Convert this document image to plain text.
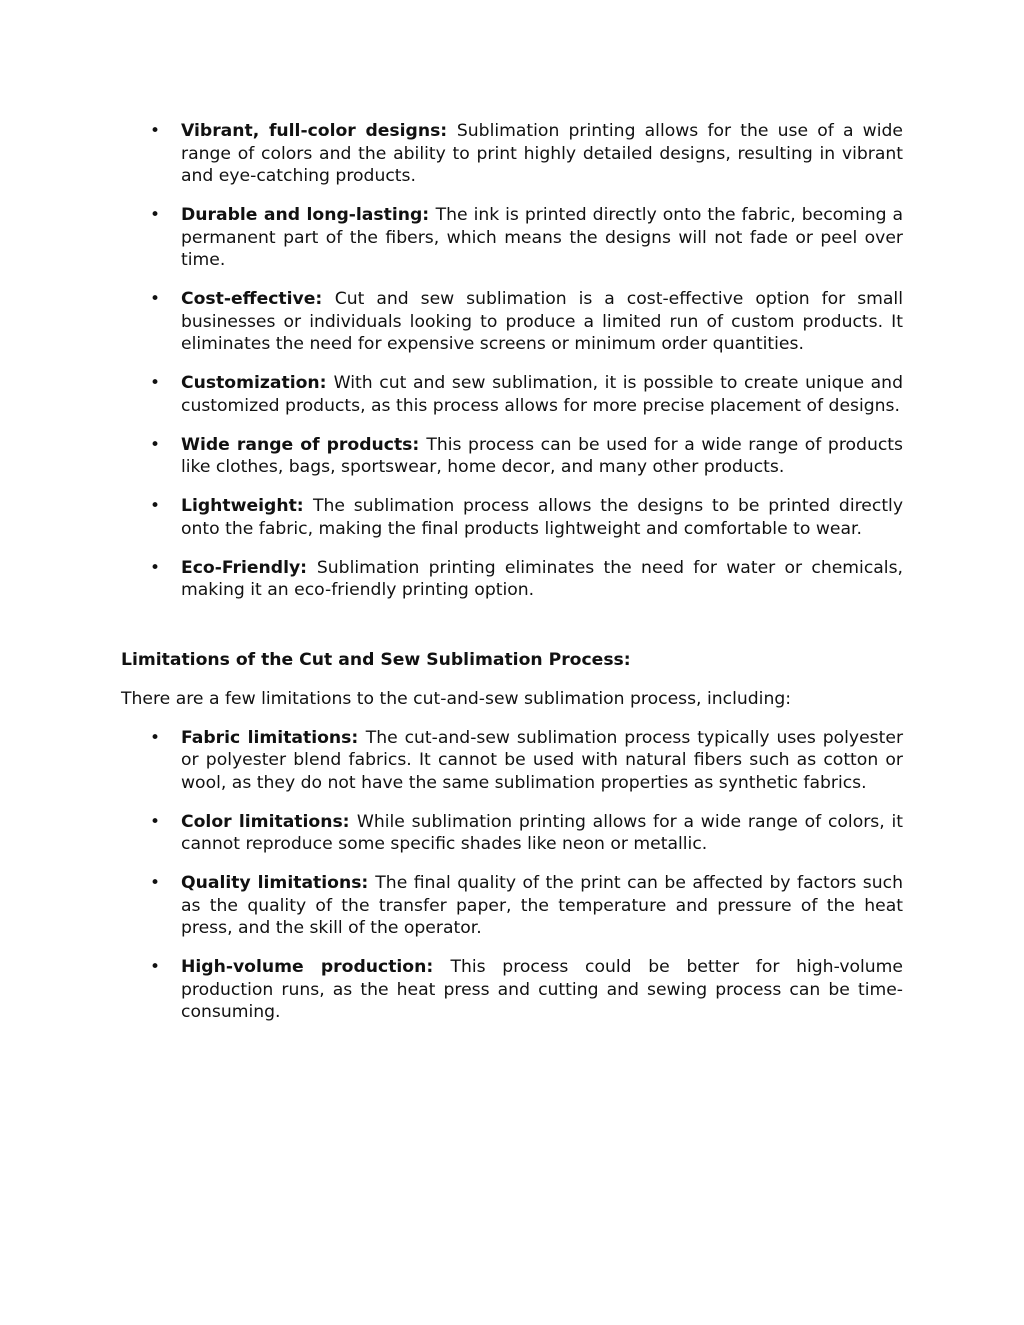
• Vibrant, full-color designs: Sublimation printing allows for the use of a wide range of colors and the ability to print highly detailed designs, resulting in vibrant and eye-catching products.
• Durable and long-lasting: The ink is printed directly onto the fabric, becoming a permanent part of the fibers, which means the designs will not fade or peel over time.
• Cost-effective: Cut and sew sublimation is a cost-effective option for small businesses or individuals looking to produce a limited run of custom products. It eliminates the need for expensive screens or minimum order quantities.
• Customization: With cut and sew sublimation, it is possible to create unique and customized products, as this process allows for more precise placement of designs.
• Wide range of products: This process can be used for a wide range of products like clothes, bags, sportswear, home decor, and many other products.
• Lightweight: The sublimation process allows the designs to be printed directly onto the fabric, making the final products lightweight and comfortable to wear.
• Eco-Friendly: Sublimation printing eliminates the need for water or chemicals, making it an eco-friendly printing option.
Limitations of the Cut and Sew Sublimation Process:

There are a few limitations to the cut-and-sew sublimation process, including:

• Fabric limitations: The cut-and-sew sublimation process typically uses polyester or polyester blend fabrics. It cannot be used with natural fibers such as cotton or wool, as they do not have the same sublimation properties as synthetic fabrics.
• Color limitations: While sublimation printing allows for a wide range of colors, it cannot reproduce some specific shades like neon or metallic.
• Quality limitations: The final quality of the print can be affected by factors such as the quality of the transfer paper, the temperature and pressure of the heat press, and the skill of the operator.
• High-volume production: This process could be better for high-volume production runs, as the heat press and cutting and sewing process can be time-consuming.
